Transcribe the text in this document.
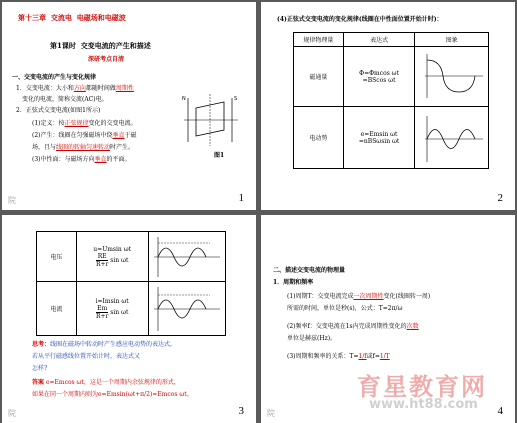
第十三章 交流电 电磁场和电磁波
第1课时 交变电流的产生和描述
深研考点自清
一、交变电流的产生与变化规律
1．交变电流：大小和方向都随时间做周期性
变化的电流，简称交流(AC)电。
2．正弦式交变电流(如图1所示)
(1)定义：按正弦规律变化的交变电流。
(2)产生：线圈在匀强磁场中绕垂直于磁
场，且与线圈的转轴匀速转动时产生。
(3)中性面：与磁场方向垂直的平面。
N	S
图1
院	1
(4)正弦式交变电流的变化规律(线圈在中性面位置开始计时)：
规律物理量	表达式	图象
磁通量	Φ=Φmcos ωt
=BScos ωt	

电动势	e=Emsin ωt
=nBSωsin ωt	

2
电压	u=Umsin ωt
$\frac{RE}{R+r}$ sin ωt	

电流	i=Imsin ωt
$\frac{Em}{R+r}$ sin ωt	

思考：线圈在磁场中转动时产生感应电动势的表达式，
若从平行磁感线位置开始计时，表达式又
怎样?
答案 e=Emcos ωt，这是一个周期内余弦规律的形式，
如果在同一个周期内则为e=Emsin(ωt+π/2)=Emcos ωt。
院	3
二、描述交变电流的物理量
1．周期和频率
(1)周期T：交变电流完成一次周期性变化(线圈转一周)
所需的时间，单位是秒(s)，公式：T=2π/ω
(2)频率f：交变电流在1s内完成周期性变化的次数
单位是赫兹(Hz)。
(3)周期和频率的关系：T=1/f或f=1/T
育星教育网
www.ht88.com
院	4
